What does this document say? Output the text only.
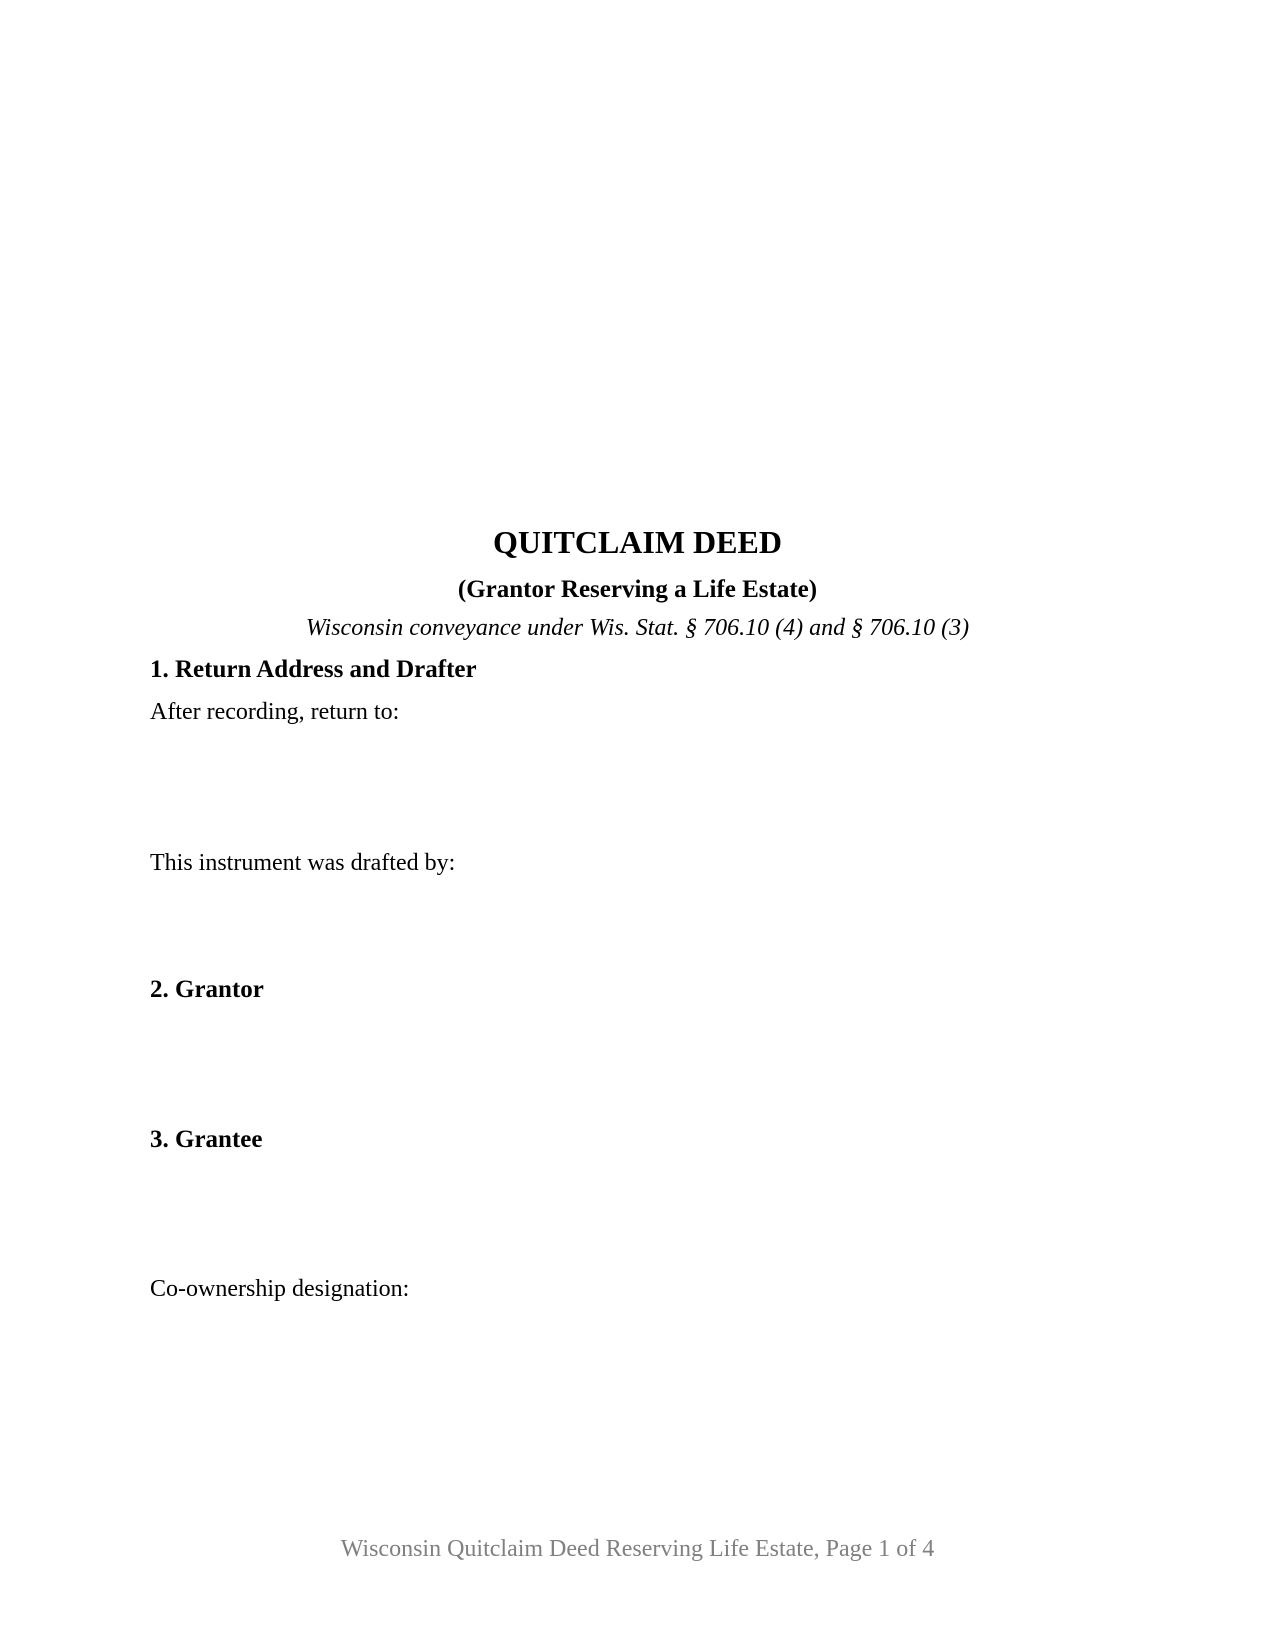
QUITCLAIM DEED
(Grantor Reserving a Life Estate)
Wisconsin conveyance under Wis. Stat. § 706.10 (4) and § 706.10 (3)
1. Return Address and Drafter
After recording, return to:
This instrument was drafted by:
2. Grantor
3. Grantee
Co-ownership designation:
Wisconsin Quitclaim Deed Reserving Life Estate, Page 1 of 4
